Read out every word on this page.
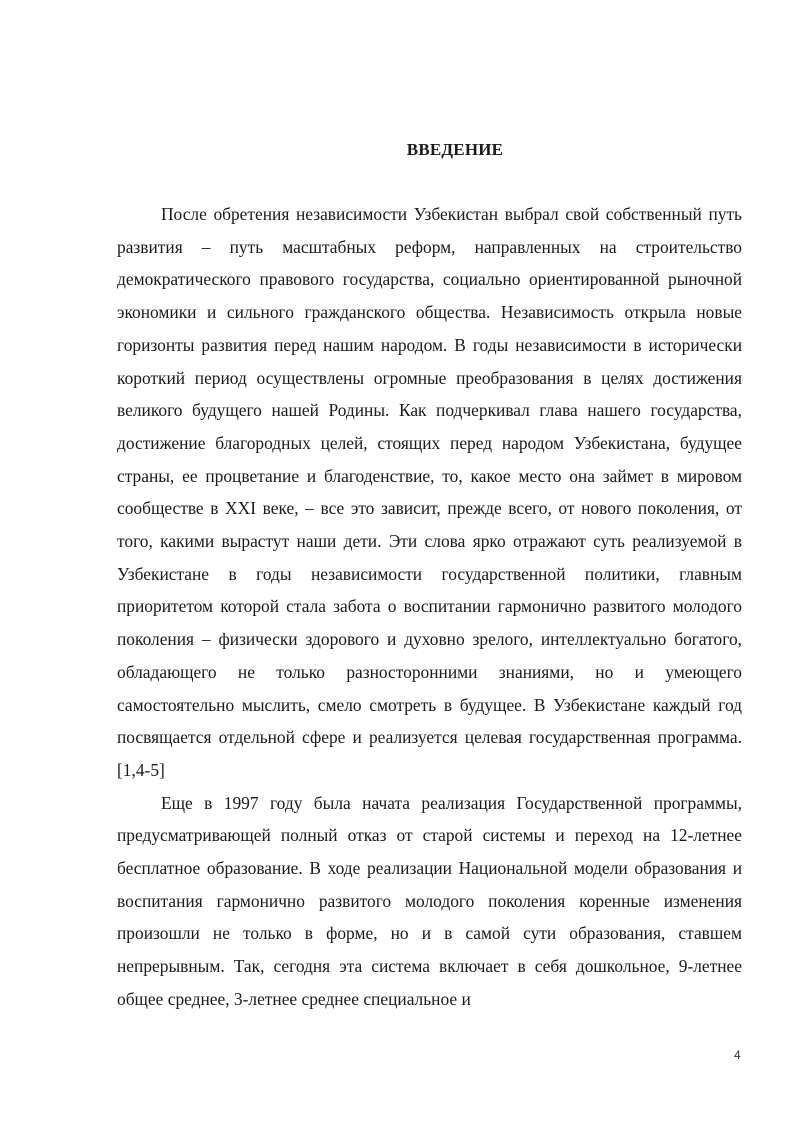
ВВЕДЕНИЕ

После обретения независимости Узбекистан выбрал свой собственный путь развития – путь масштабных реформ, направленных на строительство демократического правового государства, социально ориентированной рыночной экономики и сильного гражданского общества. Независимость открыла новые горизонты развития перед нашим народом. В годы независимости в исторически короткий период осуществлены огромные преобразования в целях достижения великого будущего нашей Родины. Как подчеркивал глава нашего государства, достижение благородных целей, стоящих перед народом Узбекистана, будущее страны, ее процветание и благоденствие, то, какое место она займет в мировом сообществе в XXI веке, – все это зависит, прежде всего, от нового поколения, от того, какими вырастут наши дети. Эти слова ярко отражают суть реализуемой в Узбекистане в годы независимости государственной политики, главным приоритетом которой стала забота о воспитании гармонично развитого молодого поколения – физически здорового и духовно зрелого, интеллектуально богатого, обладающего не только разносторонними знаниями, но и умеющего самостоятельно мыслить, смело смотреть в будущее. В Узбекистане каждый год посвящается отдельной сфере и реализуется целевая государственная программа. [1,4-5]

Еще в 1997 году была начата реализация Государственной программы, предусматривающей полный отказ от старой системы и переход на 12-летнее бесплатное образование. В ходе реализации Национальной модели образования и воспитания гармонично развитого молодого поколения коренные изменения произошли не только в форме, но и в самой сути образования, ставшем непрерывным. Так, сегодня эта система включает в себя дошкольное, 9-летнее общее среднее, 3-летнее среднее специальное и

4
